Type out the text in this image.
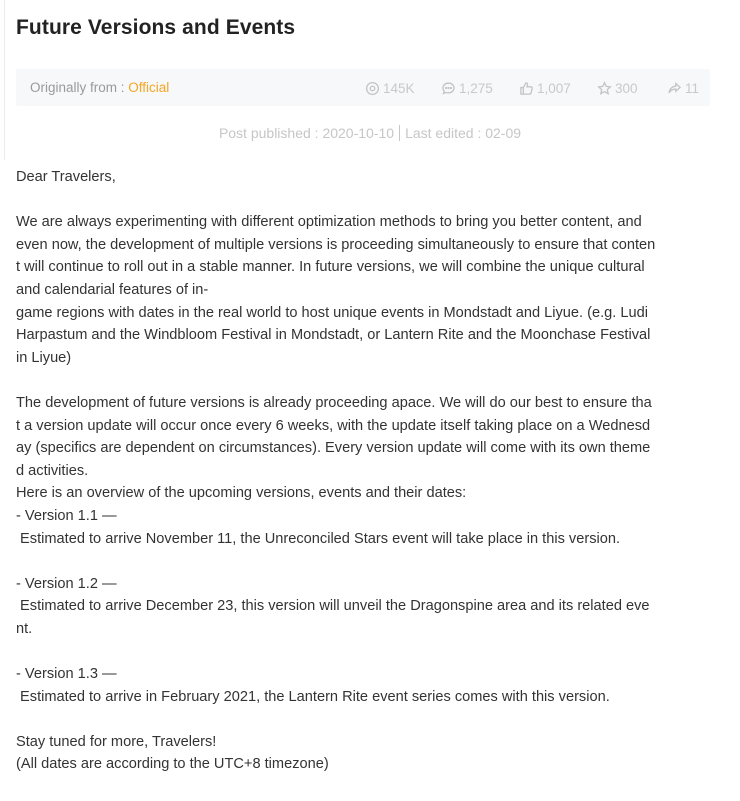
Future Versions and Events
Originally from : Official	145K	1,275	1,007	300	11
Post published : 2020-10-10 Last edited : 02-09
Dear Travelers,
We are always experimenting with different optimization methods to bring you better content, and
even now, the development of multiple versions is proceeding simultaneously to ensure that conten
t will continue to roll out in a stable manner. In future versions, we will combine the unique cultural
and calendarial features of in-
game regions with dates in the real world to host unique events in Mondstadt and Liyue. (e.g. Ludi
Harpastum and the Windbloom Festival in Mondstadt, or Lantern Rite and the Moonchase Festival
in Liyue)
The development of future versions is already proceeding apace. We will do our best to ensure tha
t a version update will occur once every 6 weeks, with the update itself taking place on a Wednesd
ay (specifics are dependent on circumstances). Every version update will come with its own theme
d activities.
Here is an overview of the upcoming versions, events and their dates:
- Version 1.1 —
Estimated to arrive November 11, the Unreconciled Stars event will take place in this version.
- Version 1.2 —
Estimated to arrive December 23, this version will unveil the Dragonspine area and its related eve
nt.
- Version 1.3 —
Estimated to arrive in February 2021, the Lantern Rite event series comes with this version.
Stay tuned for more, Travelers!
(All dates are according to the UTC+8 timezone)
